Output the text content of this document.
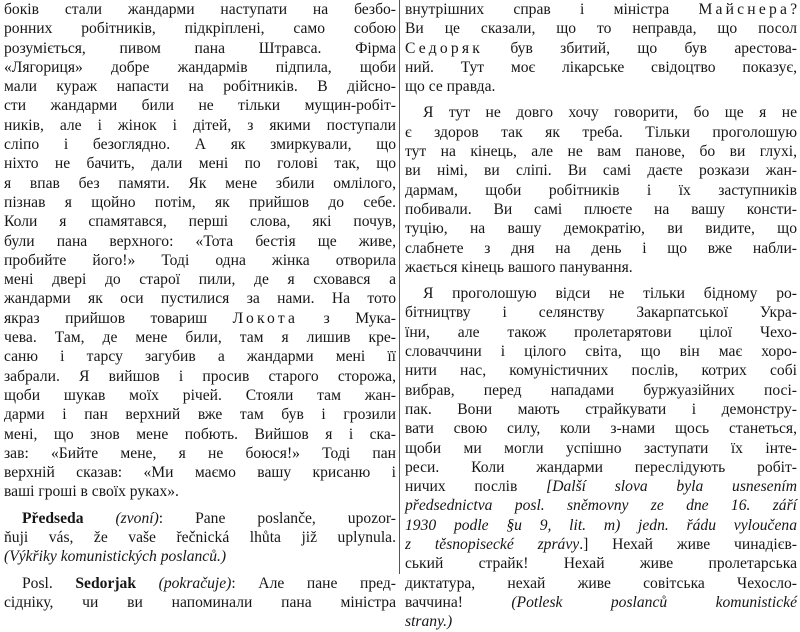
боків стали жандарми наступати на безбо-
ронних робітників, підкріплені, само собою
розуміється, пивом пана Штравса. Фірма
«Лягориця» добре жандармів підпила, щоби
мали кураж напасти на робітників. В дійсно-
сти жандарми били не тільки мущин-робіт-
ників, але і жінок і дітей, з якими поступали
сліпо і безоглядно. А як змиркували, що
ніхто не бачить, дали мені по голові так, що
я впав без памяти. Як мене збили омлілого,
пізнав я щойно потім, як прийшов до себе.
Коли я спамятався, перші слова, які почув,
були пана верхного: «Тота бестія ще живе,
пробийте його!» Тоді одна жінка отворила
мені двері до старої пили, де я сховався а
жандарми як оси пустилися за нами. На тото
якраз прийшов товариш Локота з Мука-
чева. Там, де мене били, там я лишив кре-
саню і тарсу загубив а жандарми мені її
забрали. Я вийшов і просив старого сторожа,
щоби шукав моїх річей. Стояли там жан-
дарми і пан верхний вже там був і грозили
мені, що знов мене побють. Вийшов я і ска-
зав: «Бийте мене, я не боюся!» Тоді пан
верхній сказав: «Ми маємо вашу крисаню і
ваші гроші в своїх руках».
Předseda (zvoní): Pane poslanče, upozor-
ňuji vás, že vaše řečnická lhůta již uplynula.
(Výkřiky komunistických poslanců.)
Posl. Sedorjak (pokračuje): Але пане пред-
сідніку, чи ви напоминали пана міністра
внутрішних справ і міністра Майснера?
Ви це сказали, що то неправда, що посол
Седоряк був збитий, що був арестова-
ний. Тут моє лікарське свідоцтво показує,
що се правда.
Я тут не довго хочу говорити, бо ще я не
є здоров так як треба. Тільки проголошую
тут на кінець, але не вам панове, бо ви глухі,
ви німі, ви сліпі. Ви самі даєте розкази жан-
дармам, щоби робітників і їх заступників
побивали. Ви самі плюєте на вашу консти-
туцію, на вашу демократію, ви видите, що
слабнете з дня на день і що вже набли-
жається кінець вашого панування.
Я проголошую відси не тільки бідному ро-
бітництву і селянству Закарпатської Укра-
їни, але також пролетарятови цілої Чехо-
словаччини і цілого світа, що він має хоро-
нити нас, комуністичних послів, котрих собі
вибрав, перед нападами буржуазійних посі-
пак. Вони мають страйкувати і демонстру-
вати свою силу, коли з-нами щось станеться,
щоби ми могли успішно заступати їх інте-
реси. Коли жандарми переслідують робіт-
ничих послів [Další slova byla usnesením
předsednictva posl. sněmovny ze dne 16. září
1930 podle §u 9, lit. m) jedn. řádu vyloučena
z těsnopisecké zprávy.] Нехай живе чинадієв-
ський страйк! Нехай живе пролетарська
диктатура, нехай живе совітська Чехосло-
ваччина! (Potlesk poslanců komunistické
strany.)
